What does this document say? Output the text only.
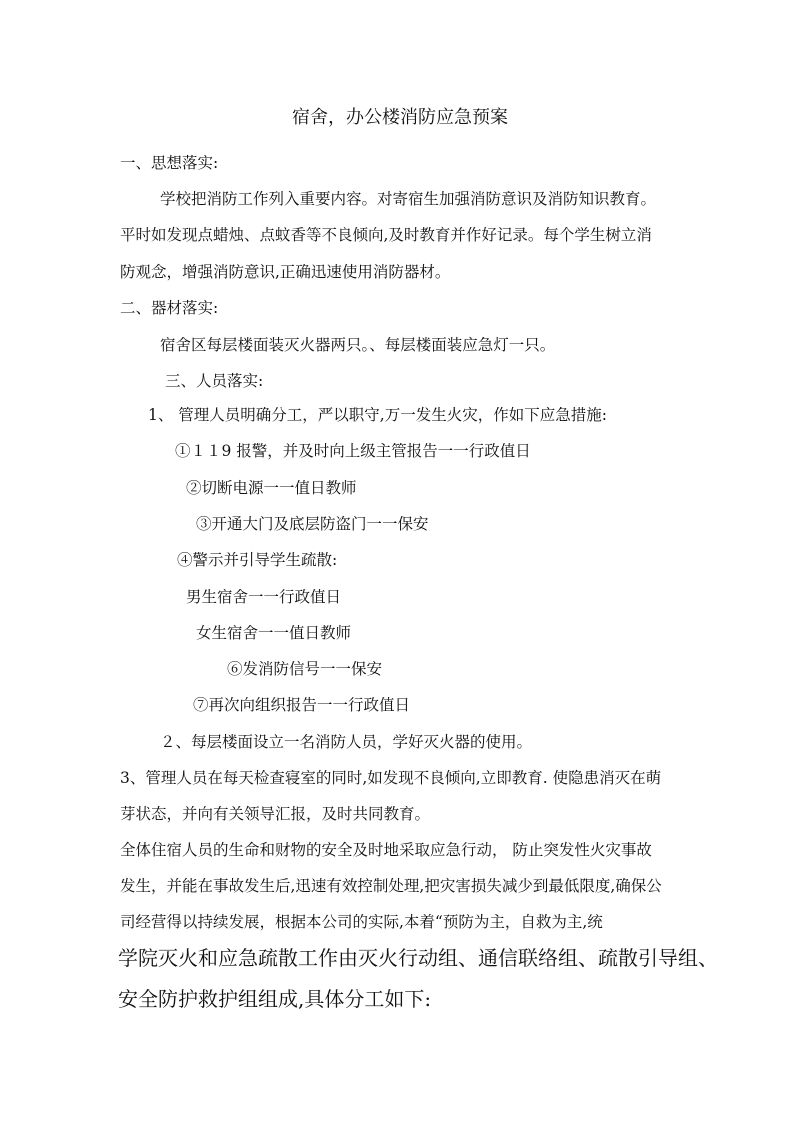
宿舍，办公楼消防应急预案
一、思想落实:
学校把消防工作列入重要内容。对寄宿生加强消防意识及消防知识教育。
平时如发现点蜡烛、点蚊香等不良倾向,及时教育并作好记录。每个学生树立消
防观念，增强消防意识,正确迅速使用消防器材。
二、器材落实:
宿舍区每层楼面装灭火器两只。、每层楼面装应急灯一只。
三、人员落实:
1、 管理人员明确分工，严以职守,万一发生火灾，作如下应急措施:
①１１9 报警，并及时向上级主管报告一一行政值日
②切断电源一一值日教师
③开通大门及底层防盗门一一保安
④警示并引导学生疏散:
男生宿舍一一行政值日
女生宿舍一一值日教师
⑥发消防信号一一保安
⑦再次向组织报告一一行政值日
２、每层楼面设立一名消防人员，学好灭火器的使用。
3、管理人员在每天检查寝室的同时,如发现不良倾向,立即教育. 使隐患消灭在萌
芽状态，并向有关领导汇报，及时共同教育。
全体住宿人员的生命和财物的安全及时地采取应急行动， 防止突发性火灾事故
发生，并能在事故发生后,迅速有效控制处理,把灾害损失减少到最低限度,确保公
司经营得以持续发展，根据本公司的实际,本着“预防为主，自救为主,统
学院灭火和应急疏散工作由灭火行动组、通信联络组、疏散引导组、
安全防护救护组组成,具体分工如下:
